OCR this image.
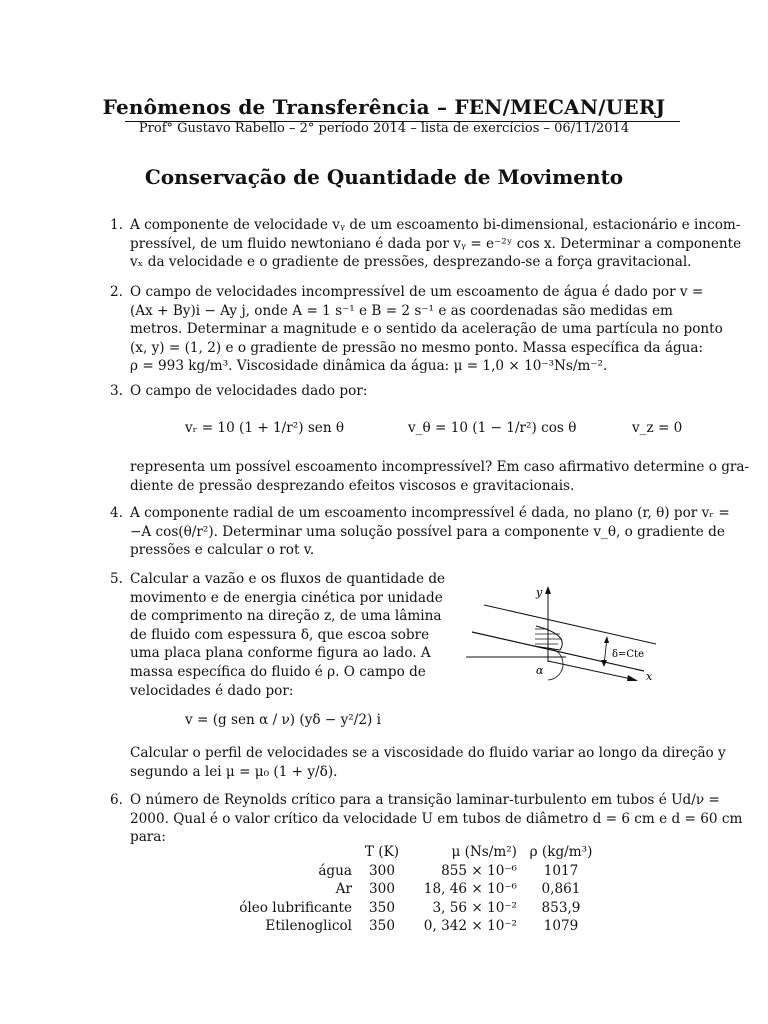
Fenômenos de Transferência – FEN/MECAN/UERJ
Prof° Gustavo Rabello – 2° período 2014 – lista de exercícios – 06/11/2014
Conservação de Quantidade de Movimento
1. A componente de velocidade vᵧ de um escoamento bi-dimensional, estacionário e incom-
pressível, de um fluido newtoniano é dada por vᵧ = e⁻²ʸ cos x. Determinar a componente
vₓ da velocidade e o gradiente de pressões, desprezando-se a força gravitacional.
2. O campo de velocidades incompressível de um escoamento de água é dado por v =
(Ax + By)i − Ay j, onde A = 1 s⁻¹ e B = 2 s⁻¹ e as coordenadas são medidas em
metros. Determinar a magnitude e o sentido da aceleração de uma partícula no ponto
(x, y) = (1, 2) e o gradiente de pressão no mesmo ponto. Massa específica da água:
ρ = 993 kg/m³. Viscosidade dinâmica da água: μ = 1,0 × 10⁻³Ns/m⁻².
3. O campo de velocidades dado por:
vᵣ = 10 (1 + 1/r²) sen θ	v_θ = 10 (1 − 1/r²) cos θ	v_z = 0
representa um possível escoamento incompressível? Em caso afirmativo determine o gra-
diente de pressão desprezando efeitos viscosos e gravitacionais.
4. A componente radial de um escoamento incompressível é dada, no plano (r, θ) por vᵣ =
−A cos(θ/r²). Determinar uma solução possível para a componente v_θ, o gradiente de
pressões e calcular o rot v.
5. Calcular a vazão e os fluxos de quantidade de
movimento e de energia cinética por unidade
de comprimento na direção z, de uma lâmina
de fluido com espessura δ, que escoa sobre
uma placa plana conforme figura ao lado. A
massa específica do fluido é ρ. O campo de
velocidades é dado por:
x
y
δ=Cte
α
v = (g sen α / ν) (yδ − y²/2) i
Calcular o perfil de velocidades se a viscosidade do fluido variar ao longo da direção y
segundo a lei μ = μ₀ (1 + y/δ).
6. O número de Reynolds crítico para a transição laminar-turbulento em tubos é Ud/ν =
2000. Qual é o valor crítico da velocidade U em tubos de diâmetro d = 6 cm e d = 60 cm
para:
	T (K)	μ (Ns/m²)	ρ (kg/m³)
água	300	855 × 10⁻⁶	1017
Ar	300	18, 46 × 10⁻⁶	0,861
óleo lubrificante	350	3, 56 × 10⁻²	853,9
Etilenoglicol	350	0, 342 × 10⁻²	1079
